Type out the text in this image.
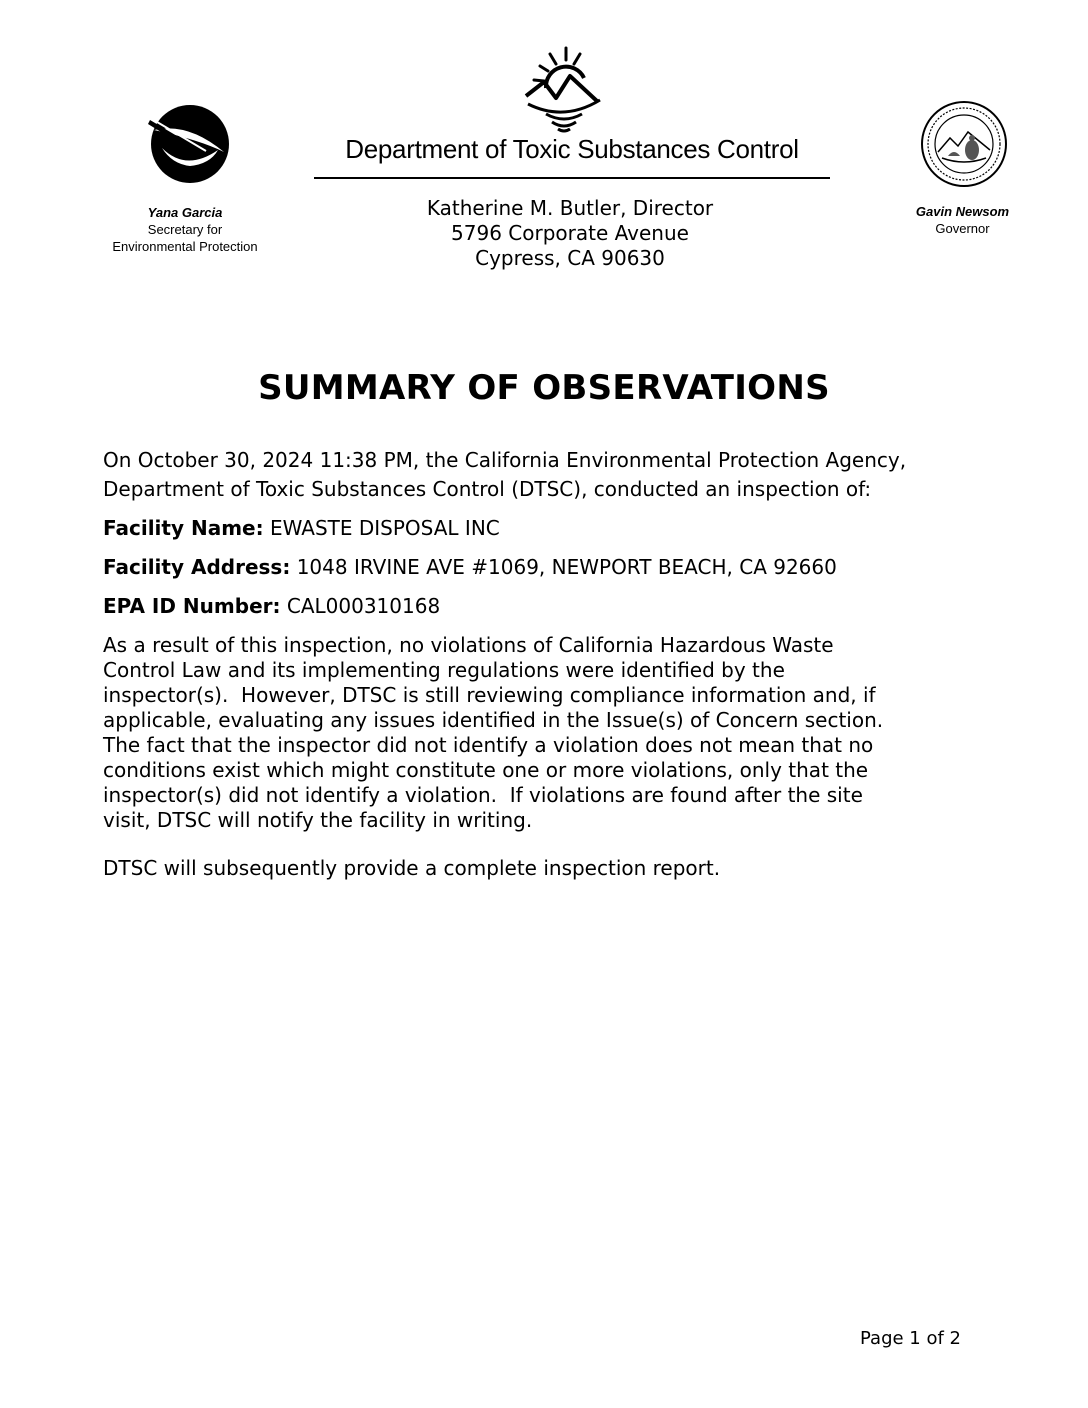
Yana Garcia
Secretary for
Environmental Protection
Department of Toxic Substances Control
Katherine M. Butler, Director
5796 Corporate Avenue
Cypress, CA 90630
Gavin Newsom
Governor
SUMMARY OF OBSERVATIONS
On October 30, 2024 11:38 PM, the California Environmental Protection Agency,
Department of Toxic Substances Control (DTSC), conducted an inspection of:
Facility Name: EWASTE DISPOSAL INC
Facility Address: 1048 IRVINE AVE #1069, NEWPORT BEACH, CA 92660
EPA ID Number: CAL000310168
As a result of this inspection, no violations of California Hazardous Waste
Control Law and its implementing regulations were identified by the
inspector(s).  However, DTSC is still reviewing compliance information and, if
applicable, evaluating any issues identified in the Issue(s) of Concern section.
The fact that the inspector did not identify a violation does not mean that no
conditions exist which might constitute one or more violations, only that the
inspector(s) did not identify a violation.  If violations are found after the site
visit, DTSC will notify the facility in writing.
DTSC will subsequently provide a complete inspection report.
Page 1 of 2
